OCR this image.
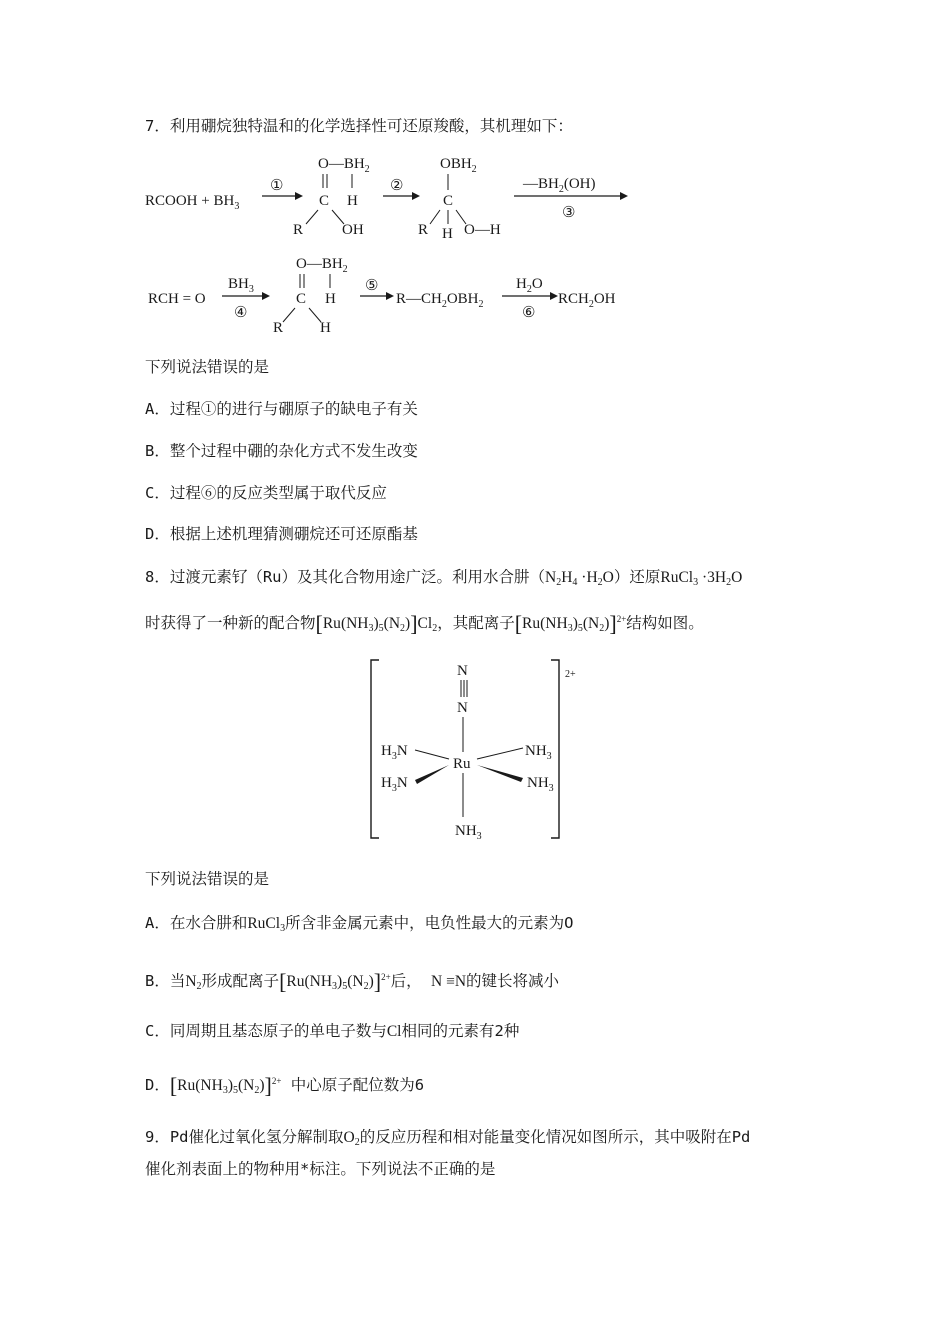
7．利用硼烷独特温和的化学选择性可还原羧酸，其机理如下：
RCOOH + $BH_3$
①
$O—BH_2$
C H
R	OH
②
$OBH_2$
C
R H O—H
$—BH_2(OH)$
③
RCH = O
$BH_3$
④
$O—BH_2$
C H
R H
⑤
$R—CH_2OBH_2$
$H_2O$
⑥
$RCH_2OH$
下列说法错误的是
A．过程①的进行与硼原子的缺电子有关
B．整个过程中硼的杂化方式不发生改变
C．过程⑥的反应类型属于取代反应
D．根据上述机理猜测硼烷还可还原酯基
8．过渡元素钌（Ru）及其化合物用途广泛。利用水合肼$(N_2H_4 \cdot H_2O)$还原RuCl$_3$ $\cdot 3H_2O$
时获得了一种新的配合物$[Ru(NH_3)_5(N_2)]Cl_2$，其配离子$[Ru(NH_3)_5(N_2)]^{2+}$结构如图。
2+
N
N
Ru
$NH_3$
$H_3N$
$H_3N$
$NH_3$
$NH_3$
下列说法错误的是
A．在水合肼和RuCl$_3$所含非金属元素中，电负性最大的元素为O
B．当$N_2$形成配离子$[Ru(NH_3)_5(N_2)]^{2+}$后， N ≡N的键长将减小
C．同周期且基态原子的单电子数与Cl相同的元素有2种
D．$[Ru(NH_3)_5(N_2)]^{2+}$ 中心原子配位数为6
9．Pd催化过氧化氢分解制取$O_2$的反应历程和相对能量变化情况如图所示，其中吸附在Pd
催化剂表面上的物种用*标注。下列说法不正确的是
